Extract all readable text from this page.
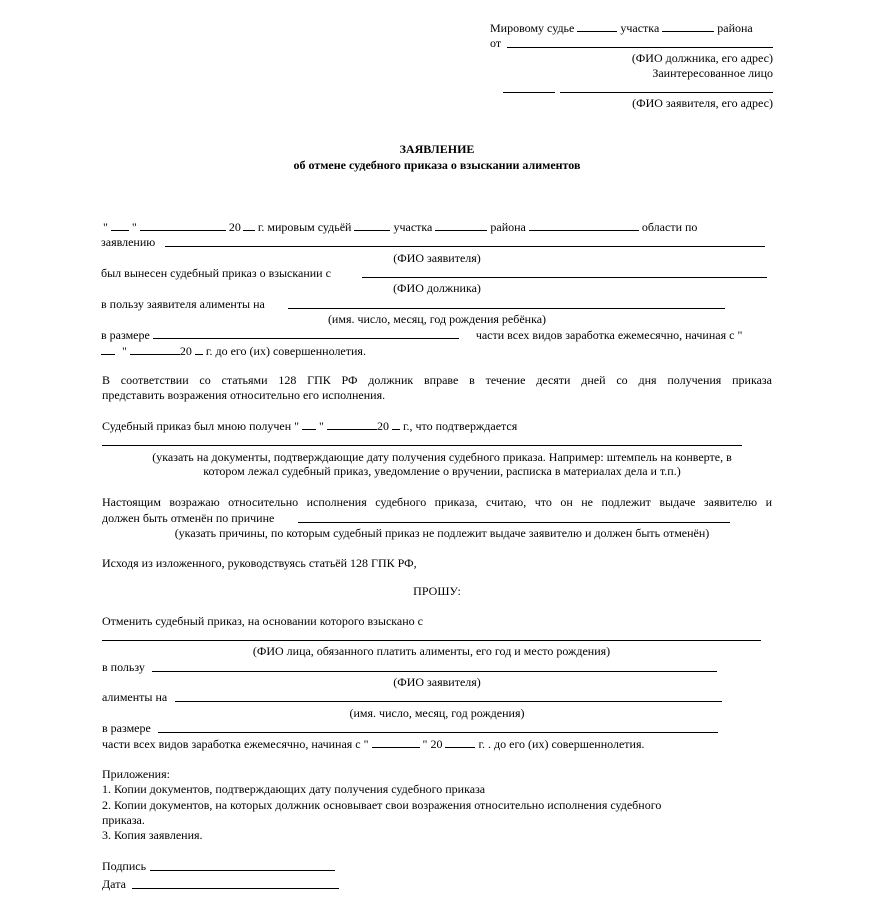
Мировому судье	участка	района
от
(ФИО должника, его адрес)
Заинтересованное лицо
(ФИО заявителя, его адрес)
ЗАЯВЛЕНИЕ
об отмене судебного приказа о взыскании алиментов
" "	20 г. мировым судьёй	участка	района	области по
заявлению
(ФИО заявителя)
был вынесен судебный приказ о взыскании с
(ФИО должника)
в пользу заявителя алименты на
(имя. число, месяц, год рождения ребёнка)
в размере	части всех видов заработка ежемесячно, начиная с "
"	20 г. до его (их) совершеннолетия.
В соответствии со статьями 128 ГПК РФ должник вправе в течение десяти дней со дня получения приказа
представить возражения относительно его исполнения.
Судебный приказ был мною получен " "	20 г., что подтверждается
(указать на документы, подтверждающие дату получения судебного приказа. Например: штемпель на конверте, в
котором лежал судебный приказ, уведомление о вручении, расписка в материалах дела и т.п.)
Настоящим возражаю относительно исполнения судебного приказа, считаю, что он не подлежит выдаче заявителю и
должен быть отменён по причине
(указать причины, по которым судебный приказ не подлежит выдаче заявителю и должен быть отменён)
Исходя из изложенного, руководствуясь статьёй 128 ГПК РФ,
ПРОШУ:
Отменить судебный приказ, на основании которого взыскано с
(ФИО лица, обязанного платить алименты, его год и место рождения)
в пользу
(ФИО заявителя)
алименты на
(имя. число, месяц, год рождения)
в размере
части всех видов заработка ежемесячно, начиная с "	" 20	г. . до его (их) совершеннолетия.
Приложения:
1. Копии документов, подтверждающих дату получения судебного приказа
2. Копии документов, на которых должник основывает свои возражения относительно исполнения судебного
приказа.
3. Копия заявления.
Подпись
Дата
